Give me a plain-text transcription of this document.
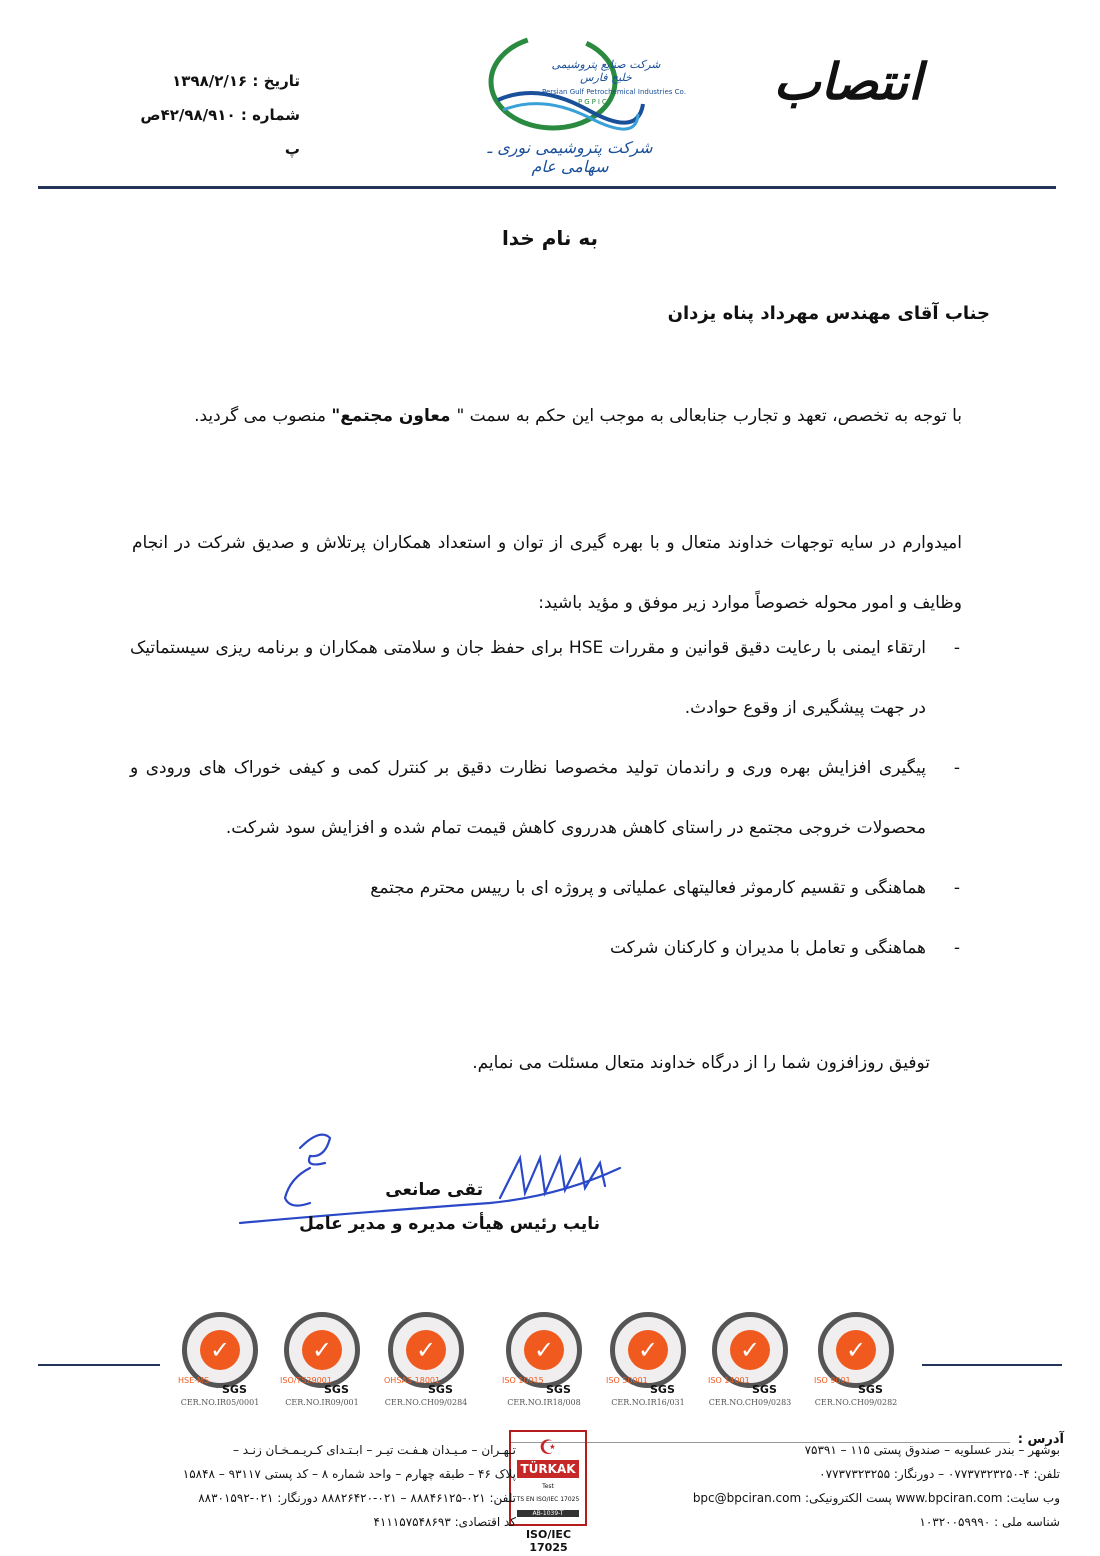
انتصاب
تاریخ : ۱۳۹۸/۲/۱۶
شماره : ۴۲/۹۸/۹۱۰ص پ
شرکت صنایع پتروشیمی خلیج فارس
Persian Gulf Petrochemical Industries Co.
PGPIC
شرکت پتروشیمی نوری ـ سهامی عام
به نام خدا
جناب آقای مهندس مهرداد پناه یزدان
با توجه به تخصص، تعهد و تجارب جنابعالی به موجب این حکم به سمت " معاون مجتمع" منصوب می گردید.
امیدوارم در سایه توجهات خداوند متعال و با بهره گیری از توان و استعداد همکاران پرتلاش و صدیق شرکت در انجام وظایف و امور محوله خصوصاً موارد زیر موفق و مؤید باشید:
-
ارتقاء ایمنی با رعایت دقیق قوانین و مقررات HSE برای حفظ جان و سلامتی همکاران و برنامه ریزی سیستماتیک در جهت پیشگیری از وقوع حوادث.
-
پیگیری افزایش بهره وری و راندمان تولید مخصوصا نظارت دقیق بر کنترل کمی و کیفی خوراک های ورودی و محصولات خروجی مجتمع در راستای کاهش هدرروی کاهش قیمت تمام شده و افزایش سود شرکت.
-
هماهنگی و تقسیم کارموثر فعالیتهای عملیاتی و پروژه ای با رییس محترم مجتمع
-
هماهنگی و تعامل با مدیران و کارکنان شرکت
توفیق روزافزون شما را از درگاه خداوند متعال مسئلت می نمایم.
تقی صانعی
نایب رئیس هیأت مدیره و مدیر عامل
✓
HSE-MS
SGS
CER.NO.IR05/0001
✓
ISO/TS29001
SGS
CER.NO.IR09/001
✓
OHSAS 18001
SGS
CER.NO.CH09/0284
✓
ISO 10015
SGS
CER.NO.IR18/008
✓
ISO 50001
SGS
CER.NO.IR16/031
✓
ISO 14001
SGS
CER.NO.CH09/0283
✓
ISO 9001
SGS
CER.NO.CH09/0282
آدرس :
بوشهر – بندر عسلویه – صندوق پستی ۱۱۵ – ۷۵۳۹۱
تلفن: ۴-۰۷۷۳۷۳۲۳۲۵۰ – دورنگار: ۰۷۷۳۷۳۲۳۲۵۵
وب سایت: www.bpciran.com پست الکترونیکی: bpc@bpciran.com
شناسه ملی : ۱۰۳۲۰۰۵۹۹۹۰
☪
TÜRKAK
Test
TS EN ISO/IEC 17025
AB-1039-T
ISO/IEC 17025
تـهـران – مـیـدان هـفـت تیـر – ابـتـدای کـریـمـخـان زنـد –
پلاک ۴۶ – طبقه چهارم – واحد شماره ۸ – کد پستی ۹۳۱۱۷ – ۱۵۸۴۸
تلفن: ۰۲۱-۸۸۸۴۶۱۲۵ – ۰۲۱-۸۸۸۲۶۴۲۰ دورنگار: ۰۲۱-۸۸۳۰۱۵۹۲
کد اقتصادی: ۴۱۱۱۵۷۵۴۸۶۹۳
